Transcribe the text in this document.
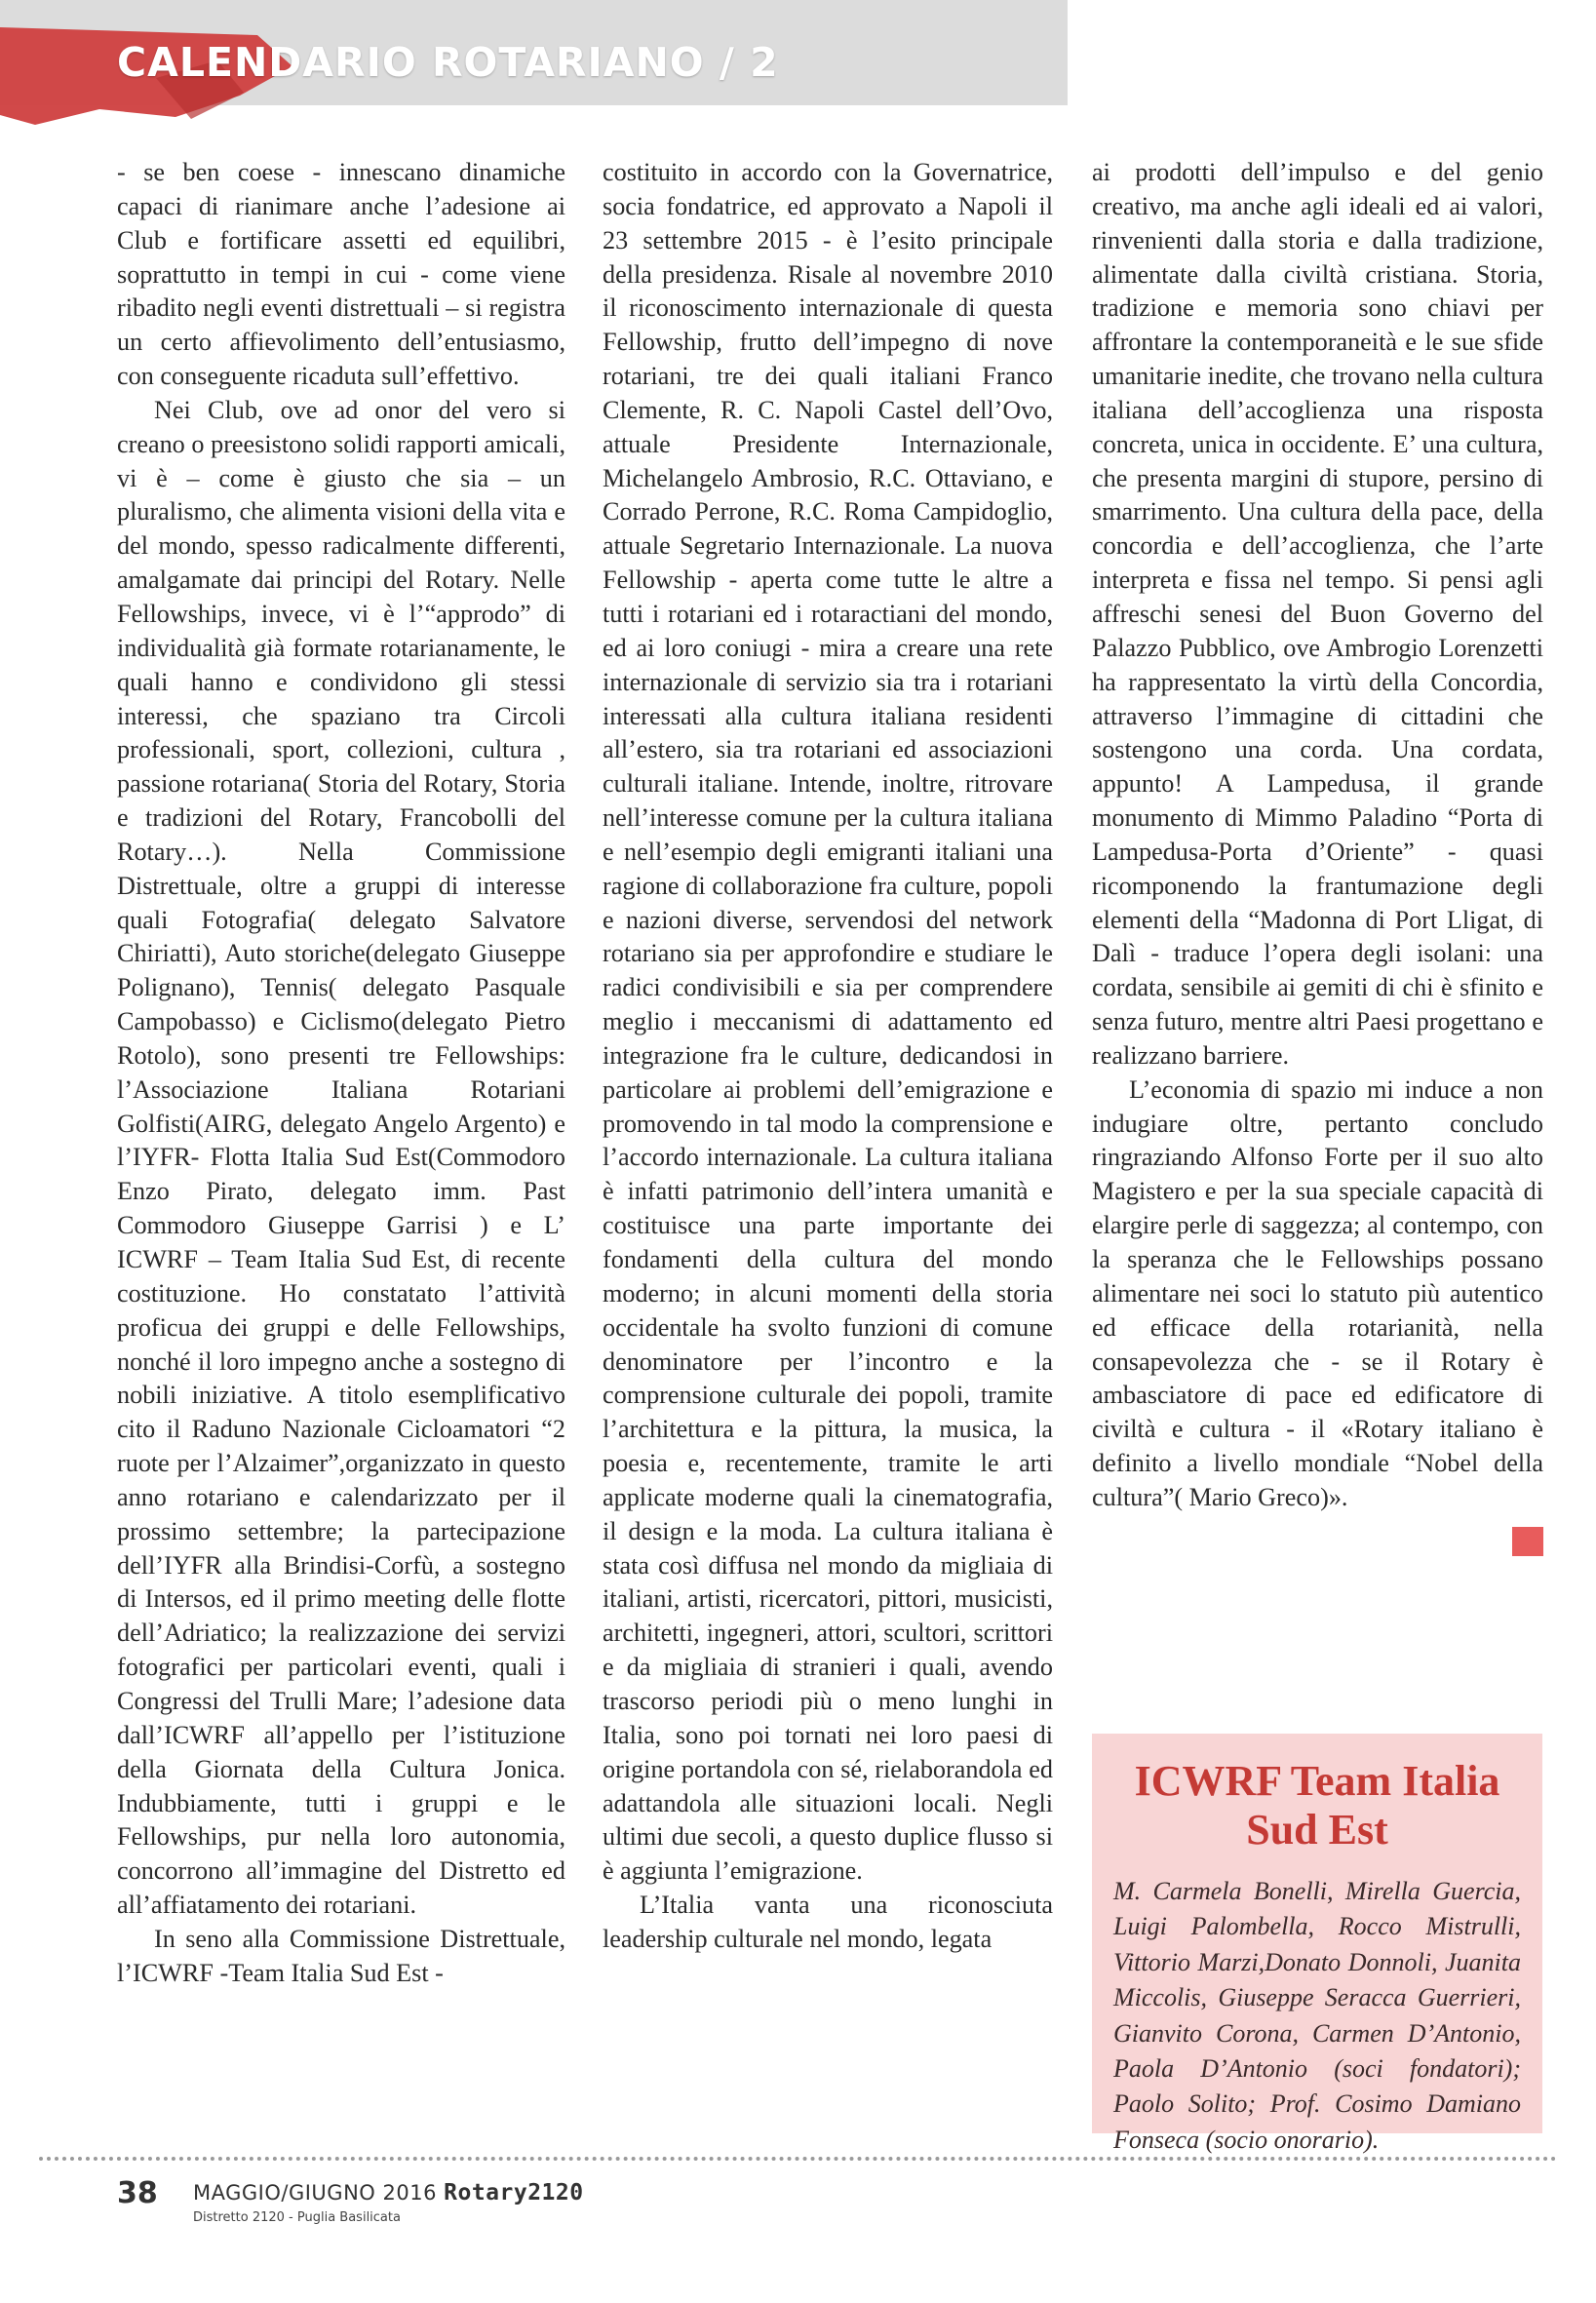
CALENDARIO ROTARIANO / 2

- se ben coese - innescano dinamiche capaci di rianimare anche l’adesione ai Club e fortificare assetti ed equilibri, soprattutto in tempi in cui - come viene ribadito negli eventi distrettuali – si registra un certo affievolimento dell’entusiasmo, con conseguente ricaduta sull’effettivo.

Nei Club, ove ad onor del vero si creano o preesistono solidi rapporti amicali, vi è – come è giusto che sia – un pluralismo, che alimenta visioni della vita e del mondo, spesso radicalmente differenti, amalgamate dai principi del Rotary. Nelle Fellowships, invece, vi è l’“approdo” di individualità già formate rotarianamente, le quali hanno e condividono gli stessi interessi, che spaziano tra Circoli professionali, sport, collezioni, cultura , passione rotariana( Storia del Rotary, Storia e tradizioni del Rotary, Francobolli del Rotary…). Nella Commissione Distrettuale, oltre a gruppi di interesse quali Fotografia( delegato Salvatore Chiriatti), Auto storiche(delegato Giuseppe Polignano), Tennis( delegato Pasquale Campobasso) e Ciclismo(delegato Pietro Rotolo), sono presenti tre Fellowships: l’Associazione Italiana Rotariani Golfisti(AIRG, delegato Angelo Argento) e l’IYFR- Flotta Italia Sud Est(Commodoro Enzo Pirato, delegato imm. Past Commodoro Giuseppe Garrisi ) e L’ ICWRF – Team Italia Sud Est, di recente costituzione. Ho constatato l’attività proficua dei gruppi e delle Fellowships, nonché il loro impegno anche a sostegno di nobili iniziative. A titolo esemplificativo cito il Raduno Nazionale Cicloamatori “2 ruote per l’Alzaimer”,organizzato in questo anno rotariano e calendarizzato per il prossimo settembre; la partecipazione dell’IYFR alla Brindisi-Corfù, a sostegno di Intersos, ed il primo meeting delle flotte dell’Adriatico; la realizzazione dei servizi fotografici per particolari eventi, quali i Congressi del Trulli Mare; l’adesione data dall’ICWRF all’appello per l’istituzione della Giornata della Cultura Jonica. Indubbiamente, tutti i gruppi e le Fellowships, pur nella loro autonomia, concorrono all’immagine del Distretto ed all’affiatamento dei rotariani.

In seno alla Commissione Distrettuale, l’ICWRF -Team Italia Sud Est -

costituito in accordo con la Governatrice, socia fondatrice, ed approvato a Napoli il 23 settembre 2015 - è l’esito principale della presidenza. Risale al novembre 2010 il riconoscimento internazionale di questa Fellowship, frutto dell’impegno di nove rotariani, tre dei quali italiani Franco Clemente, R. C. Napoli Castel dell’Ovo, attuale Presidente Internazionale, Michelangelo Ambrosio, R.C. Ottaviano, e Corrado Perrone, R.C. Roma Campidoglio, attuale Segretario Internazionale. La nuova Fellowship - aperta come tutte le altre a tutti i rotariani ed i rotaractiani del mondo, ed ai loro coniugi - mira a creare una rete internazionale di servizio sia tra i rotariani interessati alla cultura italiana residenti all’estero, sia tra rotariani ed associazioni culturali italiane. Intende, inoltre, ritrovare nell’interesse comune per la cultura italiana e nell’esempio degli emigranti italiani una ragione di collaborazione fra culture, popoli e nazioni diverse, servendosi del network rotariano sia per approfondire e studiare le radici condivisibili e sia per comprendere meglio i meccanismi di adattamento ed integrazione fra le culture, dedicandosi in particolare ai problemi dell’emigrazione e promovendo in tal modo la comprensione e l’accordo internazionale. La cultura italiana è infatti patrimonio dell’intera umanità e costituisce una parte importante dei fondamenti della cultura del mondo moderno; in alcuni momenti della storia occidentale ha svolto funzioni di comune denominatore per l’incontro e la comprensione culturale dei popoli, tramite l’architettura e la pittura, la musica, la poesia e, recentemente, tramite le arti applicate moderne quali la cinematografia, il design e la moda. La cultura italiana è stata così diffusa nel mondo da migliaia di italiani, artisti, ricercatori, pittori, musicisti, architetti, ingegneri, attori, scultori, scrittori e da migliaia di stranieri i quali, avendo trascorso periodi più o meno lunghi in Italia, sono poi tornati nei loro paesi di origine portandola con sé, rielaborandola ed adattandola alle situazioni locali. Negli ultimi due secoli, a questo duplice flusso si è aggiunta l’emigrazione.

L’Italia vanta una riconosciuta leadership culturale nel mondo, legata

ai prodotti dell’impulso e del genio creativo, ma anche agli ideali ed ai valori, rinvenienti dalla storia e dalla tradizione, alimentate dalla civiltà cristiana. Storia, tradizione e memoria sono chiavi per affrontare la contemporaneità e le sue sfide umanitarie inedite, che trovano nella cultura italiana dell’accoglienza una risposta concreta, unica in occidente. E’ una cultura, che presenta margini di stupore, persino di smarrimento. Una cultura della pace, della concordia e dell’accoglienza, che l’arte interpreta e fissa nel tempo. Si pensi agli affreschi senesi del Buon Governo del Palazzo Pubblico, ove Ambrogio Lorenzetti ha rappresentato la virtù della Concordia, attraverso l’immagine di cittadini che sostengono una corda. Una cordata, appunto! A Lampedusa, il grande monumento di Mimmo Paladino “Porta di Lampedusa-Porta d’Oriente” - quasi ricomponendo la frantumazione degli elementi della “Madonna di Port Lligat, di Dalì - traduce l’opera degli isolani: una cordata, sensibile ai gemiti di chi è sfinito e senza futuro, mentre altri Paesi progettano e realizzano barriere.

L’economia di spazio mi induce a non indugiare oltre, pertanto concludo ringraziando Alfonso Forte per il suo alto Magistero e per la sua speciale capacità di elargire perle di saggezza; al contempo, con la speranza che le Fellowships possano alimentare nei soci lo statuto più autentico ed efficace della rotarianità, nella consapevolezza che - se il Rotary è ambasciatore di pace ed edificatore di civiltà e cultura - il «Rotary italiano è definito a livello mondiale “Nobel della cultura”( Mario Greco)».

ICWRF Team Italia Sud Est
M. Carmela Bonelli, Mirella Guercia, Luigi Palombella, Rocco Mistrulli, Vittorio Marzi,Donato Donnoli, Juanita Miccolis, Giuseppe Seracca Guerrieri, Gianvito Corona, Carmen D’Antonio, Paola D’Antonio (soci fondatori); Paolo Solito; Prof. Cosimo Damiano Fonseca (socio onorario).
38 MAGGIO/GIUGNO 2016 Rotary2120
Distretto 2120 - Puglia Basilicata
